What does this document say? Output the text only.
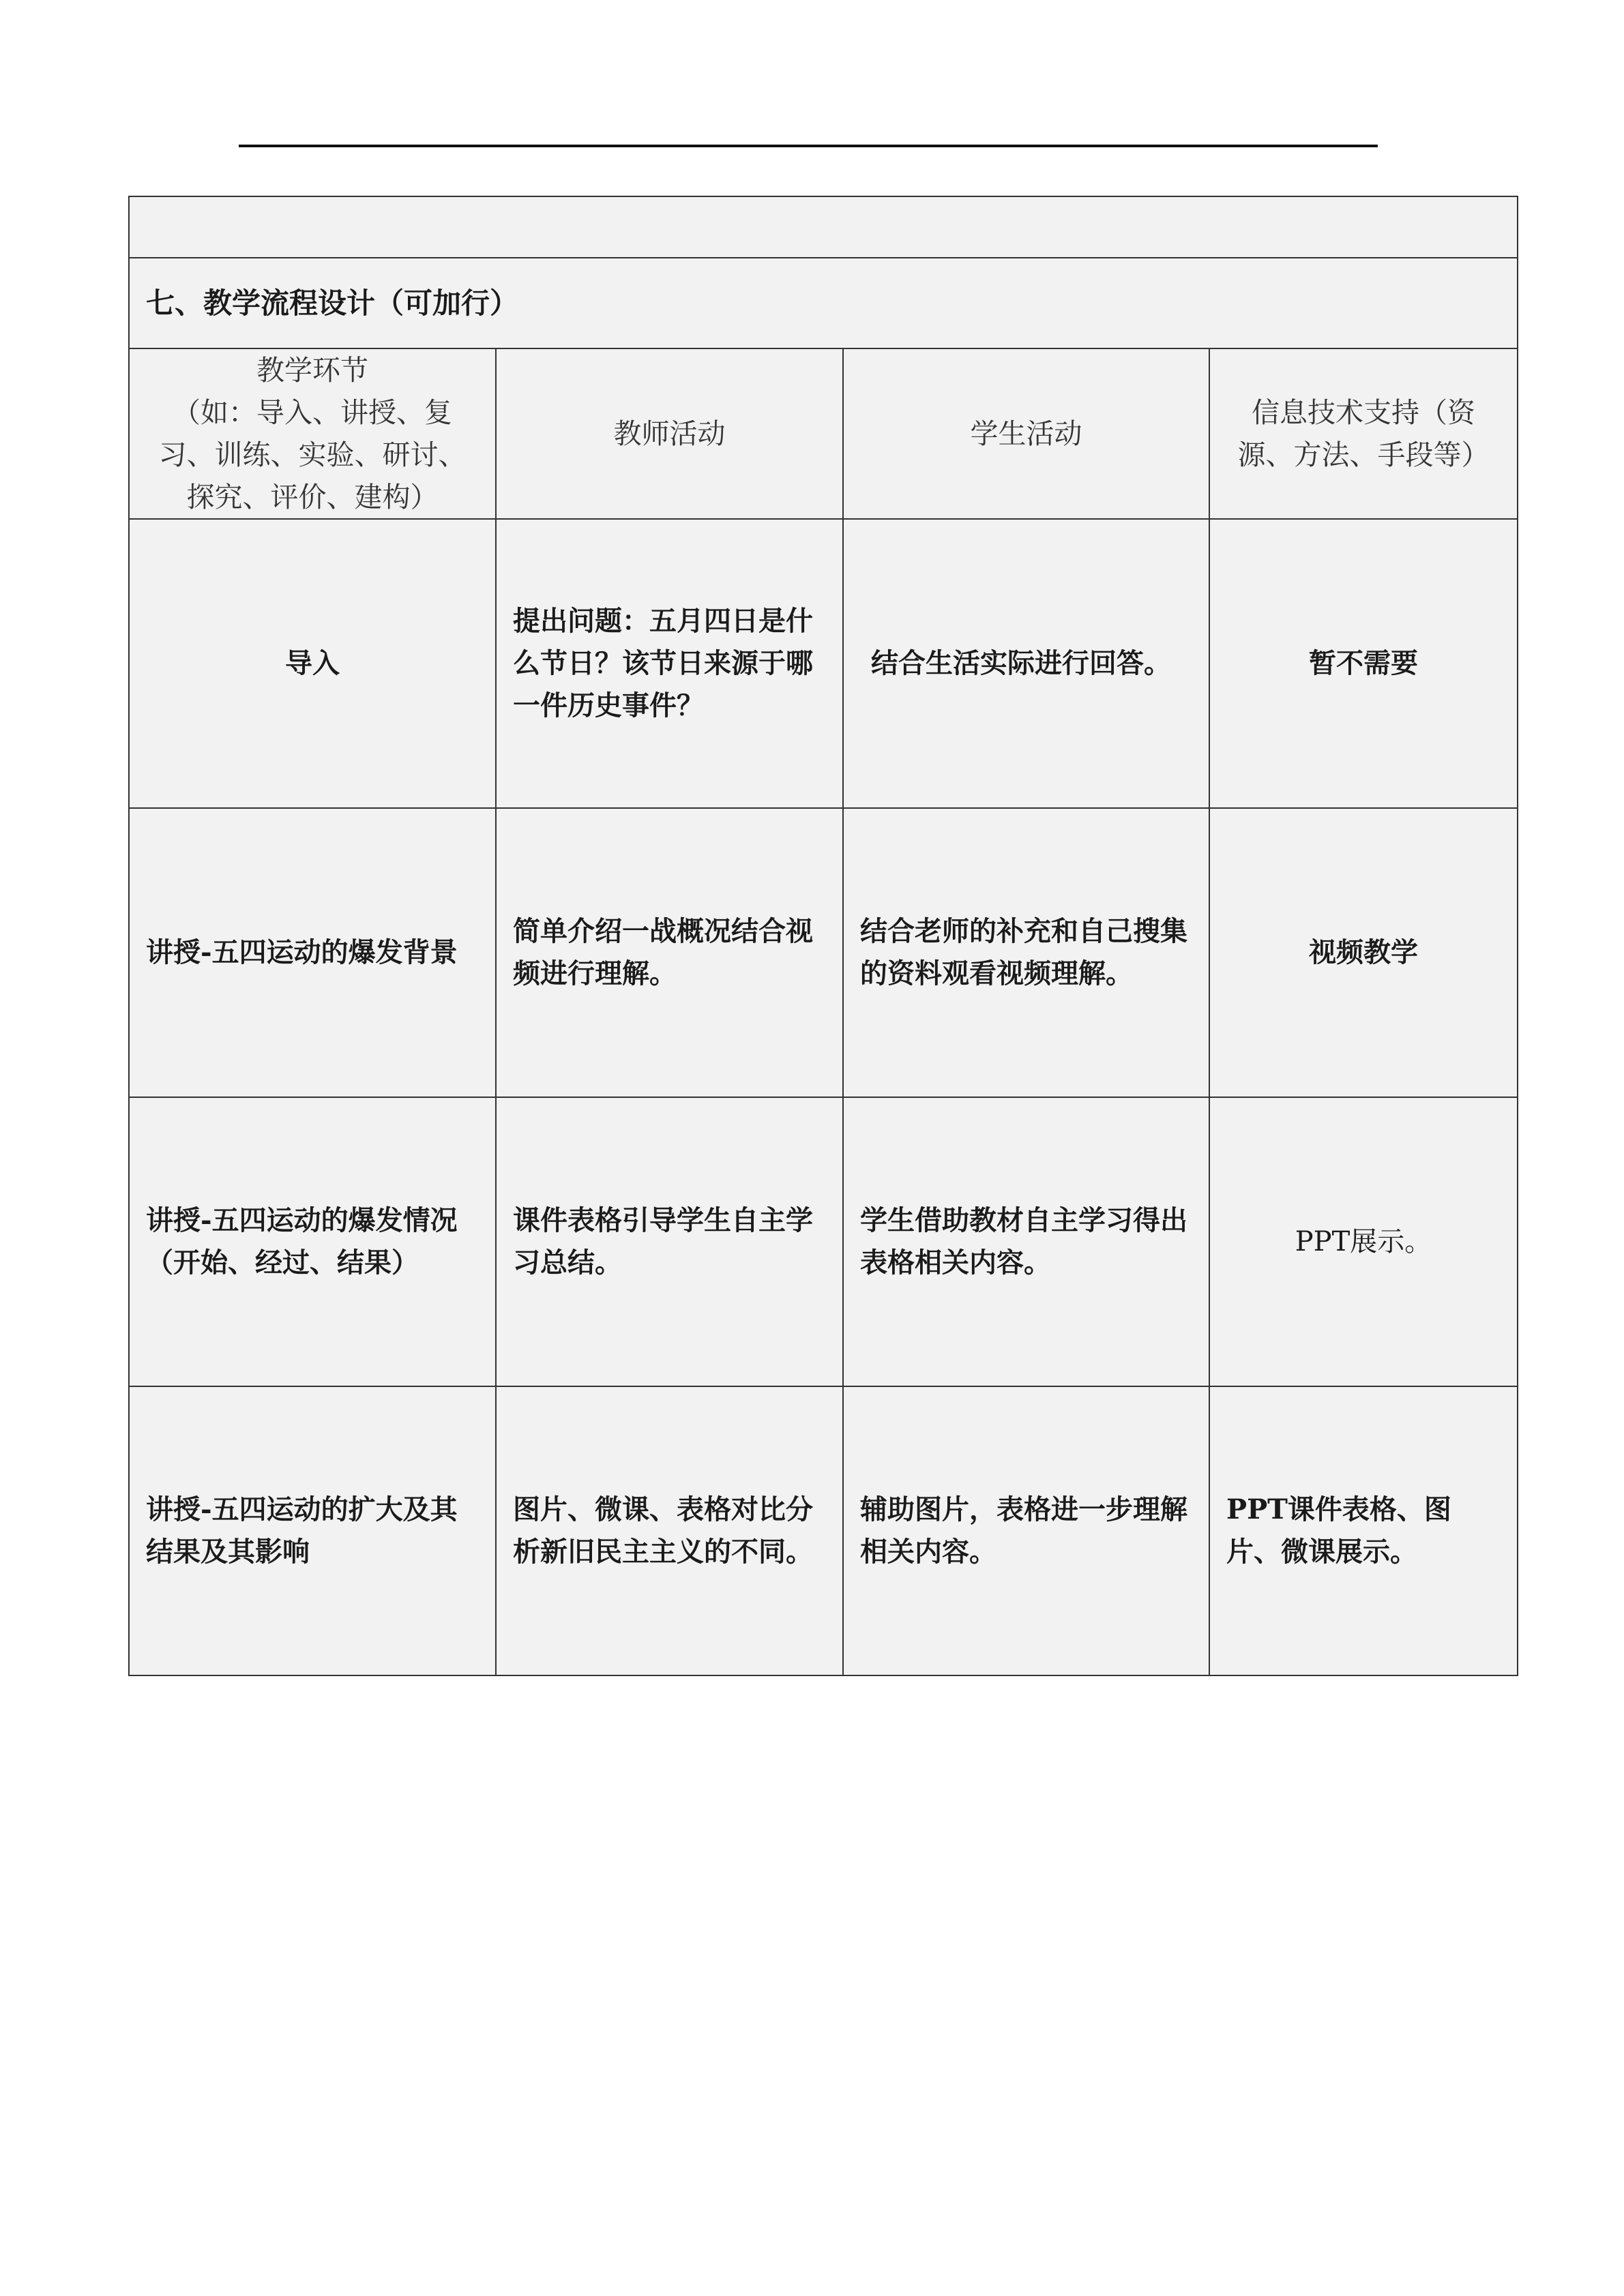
七、教学流程设计（可加行）			
教学环节
（如：导入、讲授、复习、训练、实验、研讨、探究、评价、建构）	教师活动	学生活动	信息技术支持（资源、方法、手段等）
导入	提出问题：五月四日是什么节日？该节日来源于哪一件历史事件？	结合生活实际进行回答。	暂不需要
讲授-五四运动的爆发背景	简单介绍一战概况结合视频进行理解。	结合老师的补充和自己搜集的资料观看视频理解。	视频教学
讲授-五四运动的爆发情况（开始、经过、结果）	课件表格引导学生自主学习总结。	学生借助教材自主学习得出表格相关内容。	PPT展示。
讲授-五四运动的扩大及其结果及其影响	图片、微课、表格对比分析新旧民主主义的不同。	辅助图片，表格进一步理解相关内容。	PPT课件表格、图片、微课展示。
